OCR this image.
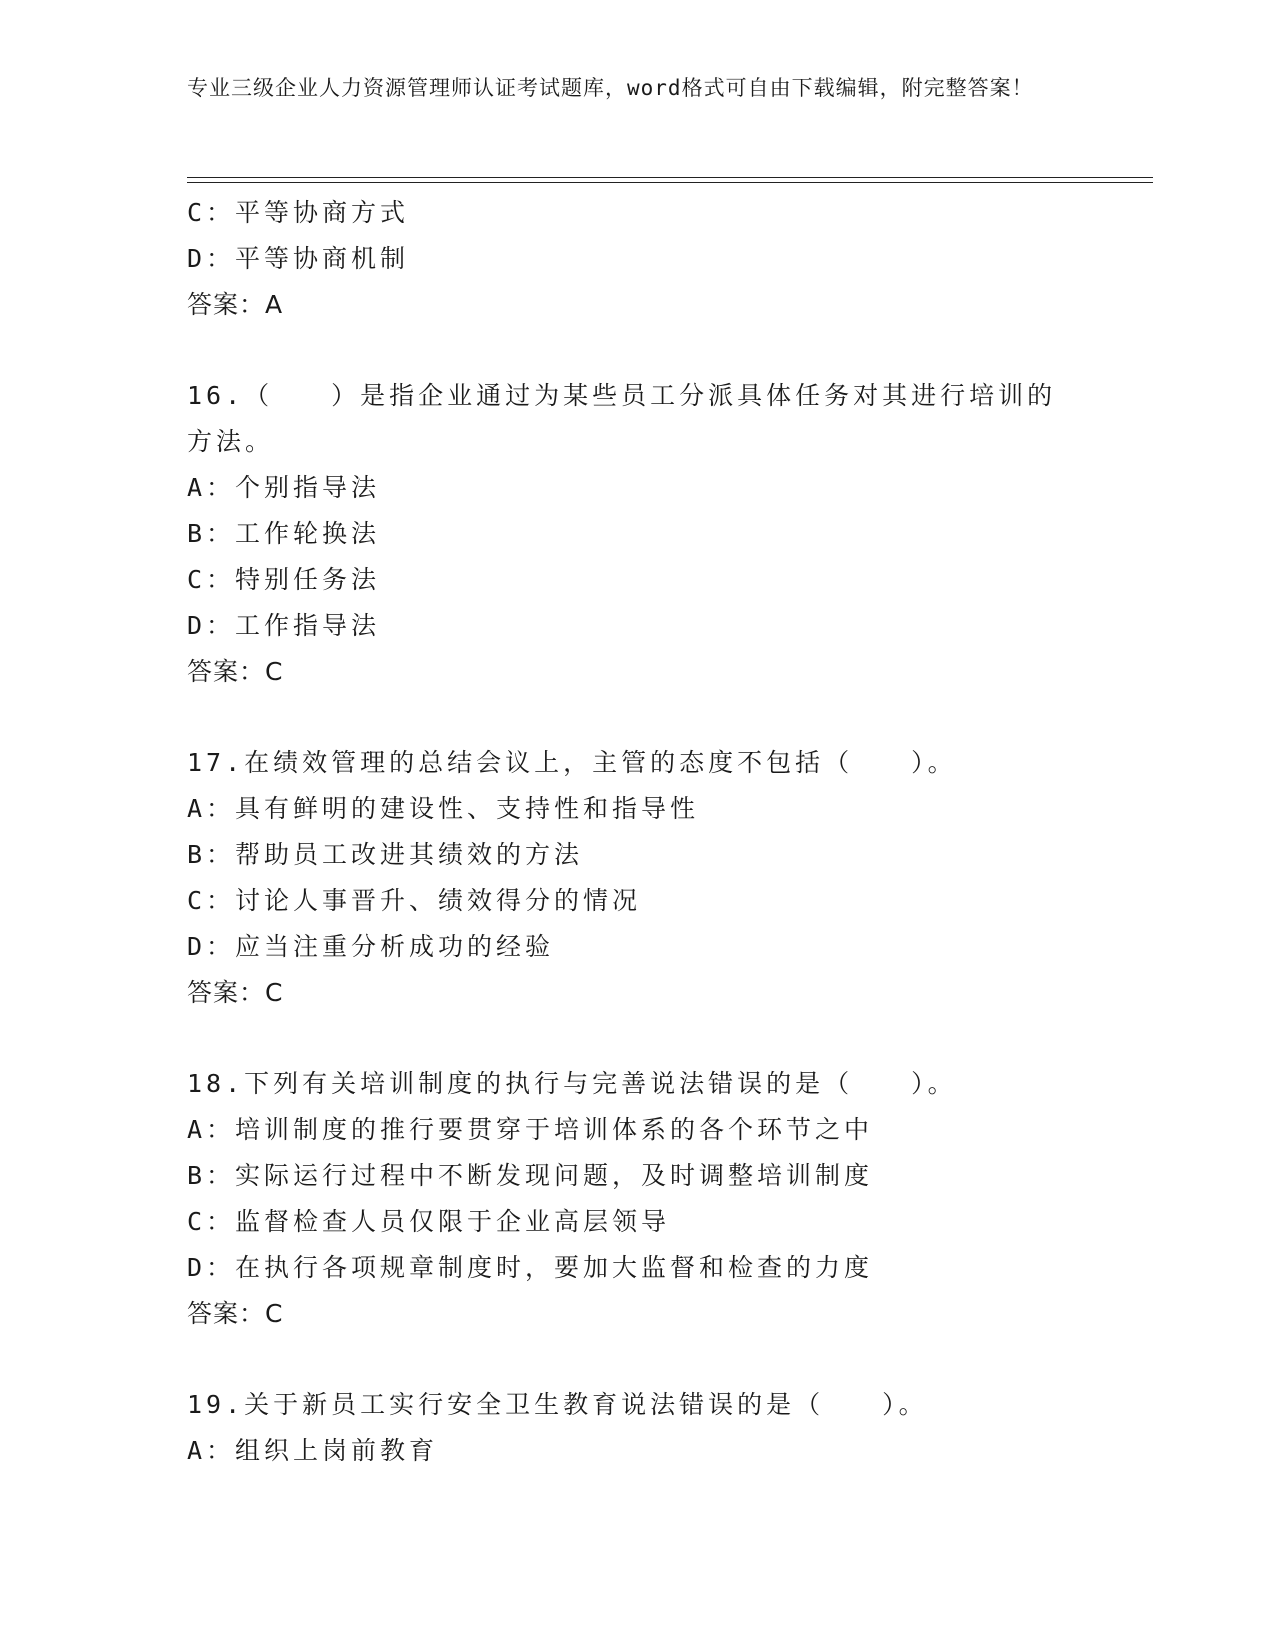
专业三级企业人力资源管理师认证考试题库，word格式可自由下载编辑，附完整答案！
C：平等协商方式
D：平等协商机制
答案：A
16.（　　）是指企业通过为某些员工分派具体任务对其进行培训的方法。
A：个别指导法
B：工作轮换法
C：特别任务法
D：工作指导法
答案：C
17.在绩效管理的总结会议上，主管的态度不包括（　　）。
A：具有鲜明的建设性、支持性和指导性
B：帮助员工改进其绩效的方法
C：讨论人事晋升、绩效得分的情况
D：应当注重分析成功的经验
答案：C
18.下列有关培训制度的执行与完善说法错误的是（　　）。
A：培训制度的推行要贯穿于培训体系的各个环节之中
B：实际运行过程中不断发现问题，及时调整培训制度
C：监督检查人员仅限于企业高层领导
D：在执行各项规章制度时，要加大监督和检查的力度
答案：C
19.关于新员工实行安全卫生教育说法错误的是（　　）。
A：组织上岗前教育
